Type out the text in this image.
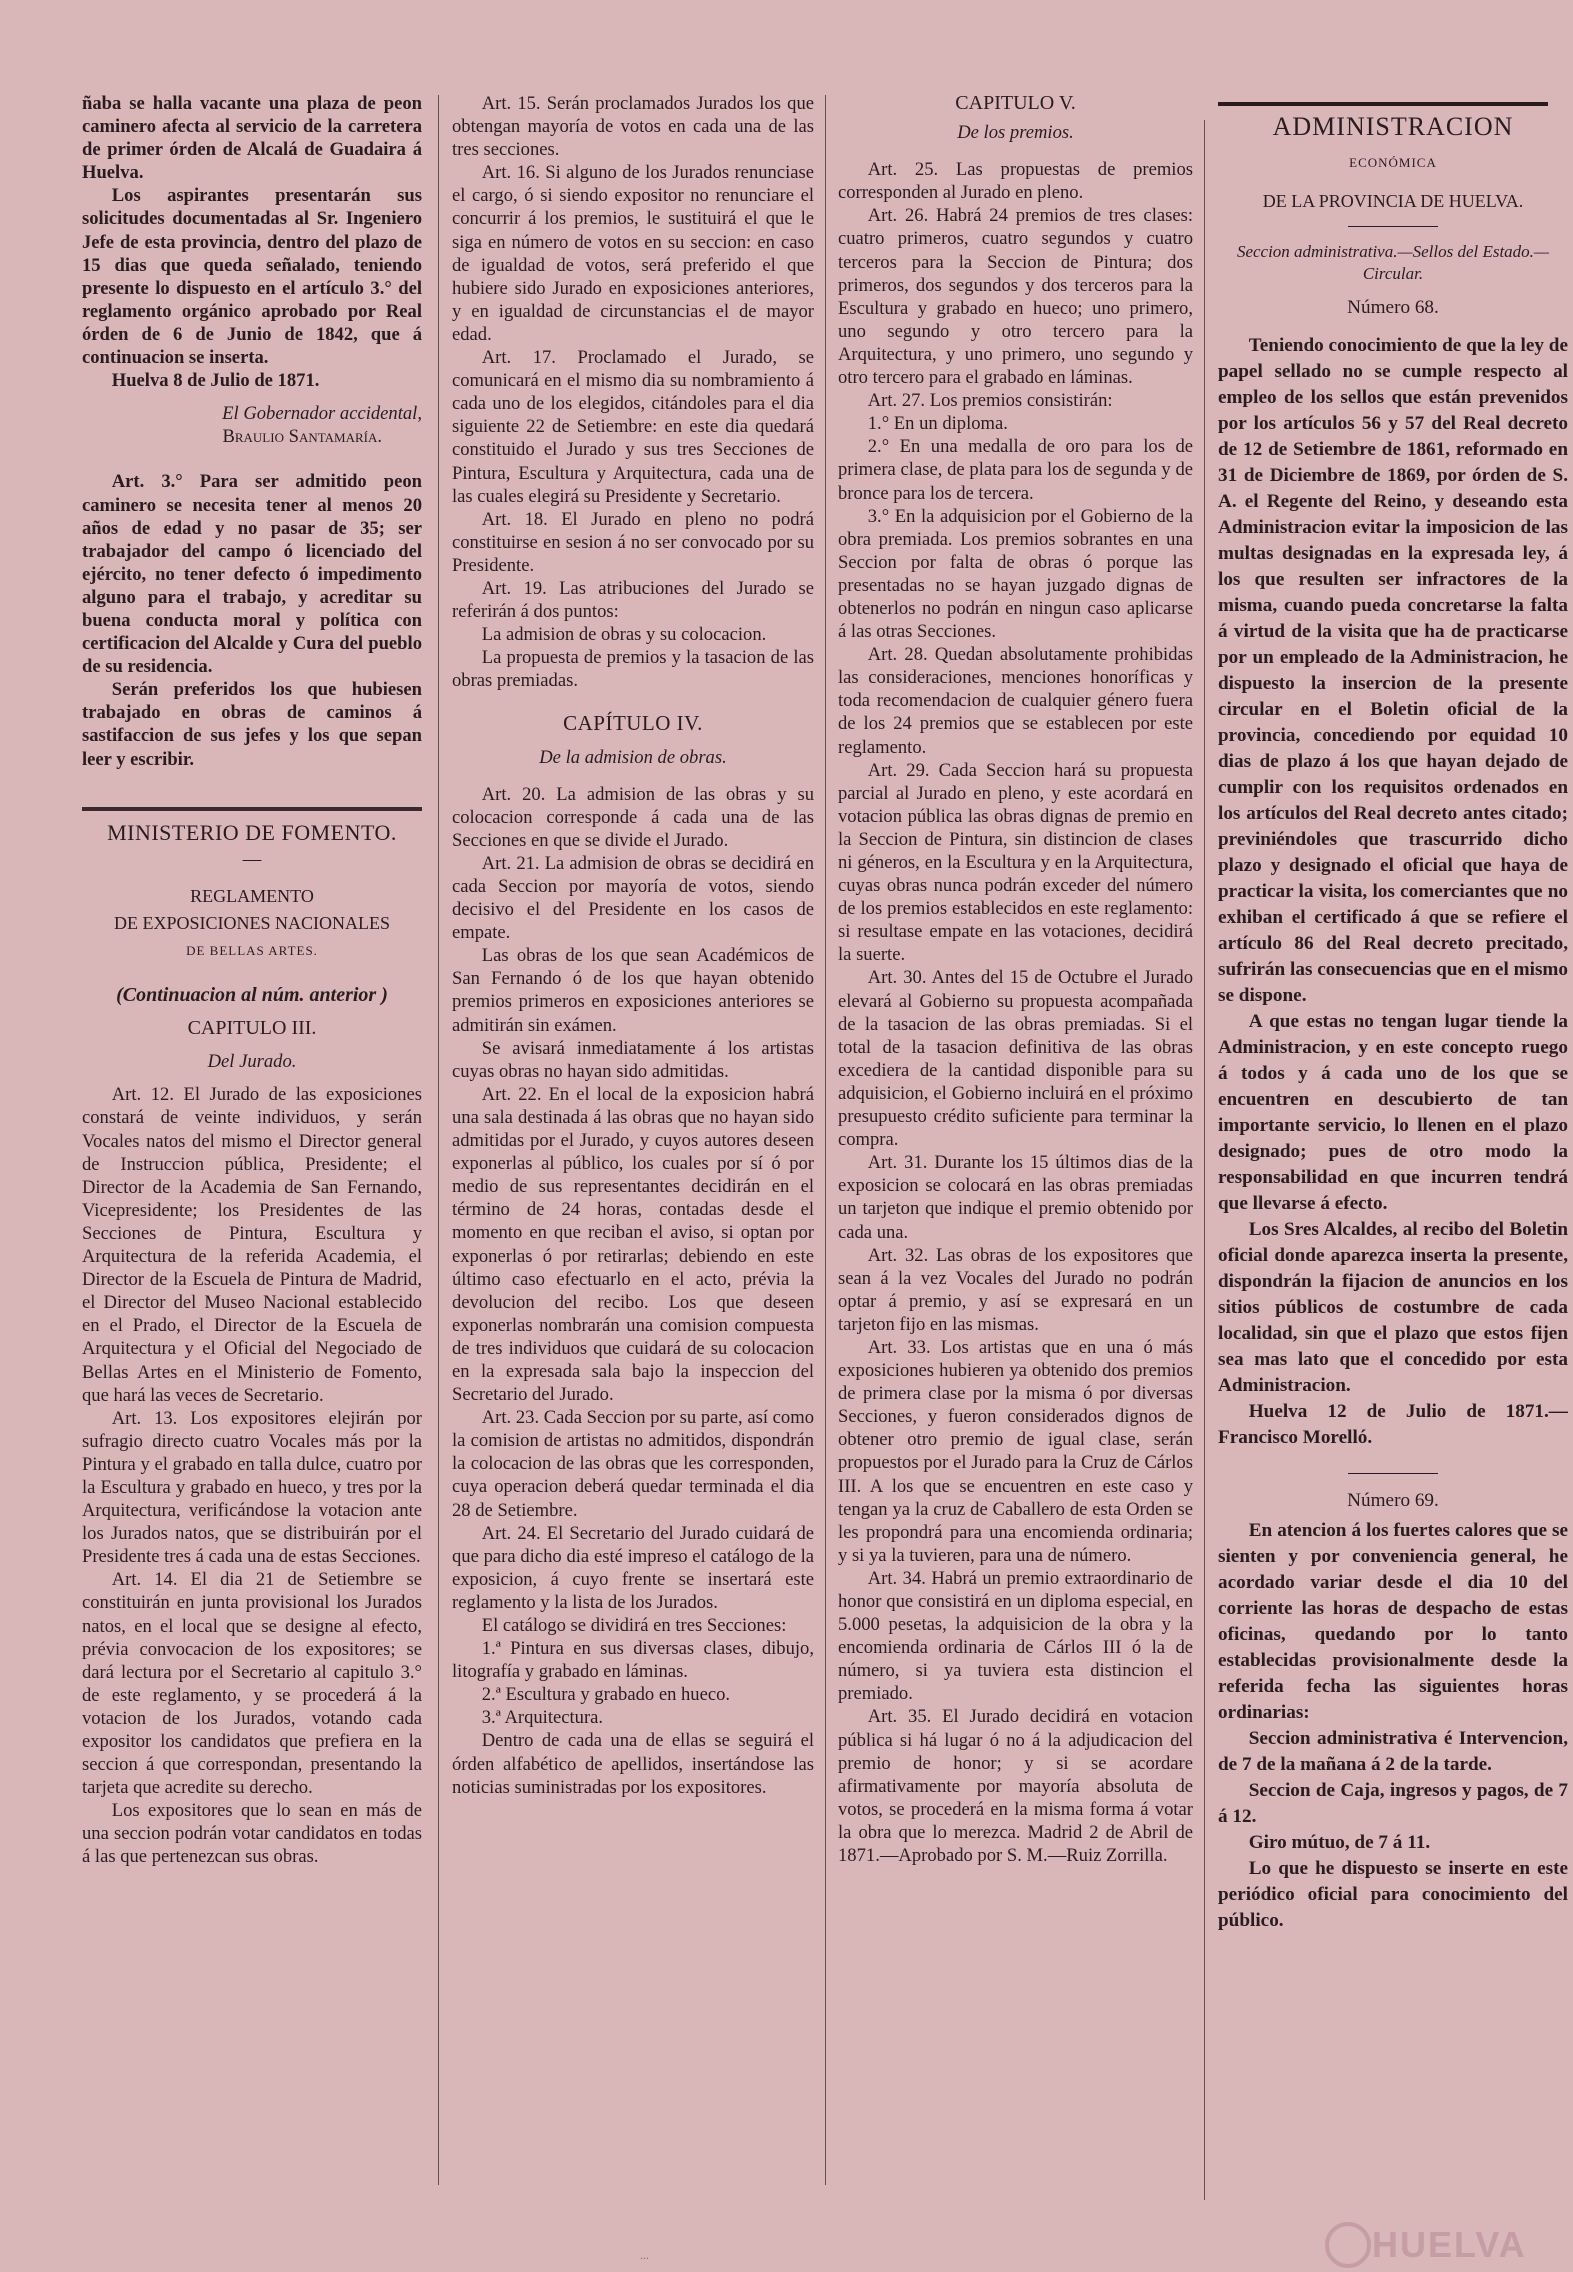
ñaba se halla vacante una plaza de peon caminero afecta al servicio de la carretera de primer órden de Alcalá de Guadaira á Huelva.

Los aspirantes presentarán sus solicitudes documentadas al Sr. Ingeniero Jefe de esta provincia, dentro del plazo de 15 dias que queda señalado, teniendo presente lo dispuesto en el artículo 3.° del reglamento orgánico aprobado por Real órden de 6 de Junio de 1842, que á continuacion se inserta.

Huelva 8 de Julio de 1871.

El Gobernador accidental,

Braulio Santamaría.

Art. 3.° Para ser admitido peon caminero se necesita tener al menos 20 años de edad y no pasar de 35; ser trabajador del campo ó licenciado del ejército, no tener defecto ó impedimento alguno para el trabajo, y acreditar su buena conducta moral y política con certificacion del Alcalde y Cura del pueblo de su residencia.

Serán preferidos los que hubiesen trabajado en obras de caminos á sastifaccion de sus jefes y los que sepan leer y escribir.

MINISTERIO DE FOMENTO.

—

REGLAMENTO

DE EXPOSICIONES NACIONALES

DE BELLAS ARTES.

(Continuacion al núm. anterior )

CAPITULO III.

Del Jurado.

Art. 12. El Jurado de las exposiciones constará de veinte individuos, y serán Vocales natos del mismo el Director general de Instruccion pública, Presidente; el Director de la Academia de San Fernando, Vicepresidente; los Presidentes de las Secciones de Pintura, Escultura y Arquitectura de la referida Academia, el Director de la Escuela de Pintura de Madrid, el Director del Museo Nacional establecido en el Prado, el Director de la Escuela de Arquitectura y el Oficial del Negociado de Bellas Artes en el Ministerio de Fomento, que hará las veces de Secretario.

Art. 13. Los expositores elejirán por sufragio directo cuatro Vocales más por la Pintura y el grabado en talla dulce, cuatro por la Escultura y grabado en hueco, y tres por la Arquitectura, verificándose la votacion ante los Jurados natos, que se distribuirán por el Presidente tres á cada una de estas Secciones.

Art. 14. El dia 21 de Setiembre se constituirán en junta provisional los Jurados natos, en el local que se designe al efecto, prévia convocacion de los expositores; se dará lectura por el Secretario al capitulo 3.° de este reglamento, y se procederá á la votacion de los Jurados, votando cada expositor los candidatos que prefiera en la seccion á que correspondan, presentando la tarjeta que acredite su derecho.

Los expositores que lo sean en más de una seccion podrán votar candidatos en todas á las que pertenezcan sus obras.

Art. 15. Serán proclamados Jurados los que obtengan mayoría de votos en cada una de las tres secciones.

Art. 16. Si alguno de los Jurados renunciase el cargo, ó si siendo expositor no renunciare el concurrir á los premios, le sustituirá el que le siga en número de votos en su seccion: en caso de igualdad de votos, será preferido el que hubiere sido Jurado en exposiciones anteriores, y en igualdad de circunstancias el de mayor edad.

Art. 17. Proclamado el Jurado, se comunicará en el mismo dia su nombramiento á cada uno de los elegidos, citándoles para el dia siguiente 22 de Setiembre: en este dia quedará constituido el Jurado y sus tres Secciones de Pintura, Escultura y Arquitectura, cada una de las cuales elegirá su Presidente y Secretario.

Art. 18. El Jurado en pleno no podrá constituirse en sesion á no ser convocado por su Presidente.

Art. 19. Las atribuciones del Jurado se referirán á dos puntos:

La admision de obras y su colocacion.

La propuesta de premios y la tasacion de las obras premiadas.

CAPÍTULO IV.

De la admision de obras.

Art. 20. La admision de las obras y su colocacion corresponde á cada una de las Secciones en que se divide el Jurado.

Art. 21. La admision de obras se decidirá en cada Seccion por mayoría de votos, siendo decisivo el del Presidente en los casos de empate.

Las obras de los que sean Académicos de San Fernando ó de los que hayan obtenido premios primeros en exposiciones anteriores se admitirán sin exámen.

Se avisará inmediatamente á los artistas cuyas obras no hayan sido admitidas.

Art. 22. En el local de la exposicion habrá una sala destinada á las obras que no hayan sido admitidas por el Jurado, y cuyos autores deseen exponerlas al público, los cuales por sí ó por medio de sus representantes decidirán en el término de 24 horas, contadas desde el momento en que reciban el aviso, si optan por exponerlas ó por retirarlas; debiendo en este último caso efectuarlo en el acto, prévia la devolucion del recibo. Los que deseen exponerlas nombrarán una comision compuesta de tres individuos que cuidará de su colocacion en la expresada sala bajo la inspeccion del Secretario del Jurado.

Art. 23. Cada Seccion por su parte, así como la comision de artistas no admitidos, dispondrán la colocacion de las obras que les corresponden, cuya operacion deberá quedar terminada el dia 28 de Setiembre.

Art. 24. El Secretario del Jurado cuidará de que para dicho dia esté impreso el catálogo de la exposicion, á cuyo frente se insertará este reglamento y la lista de los Jurados.

El catálogo se dividirá en tres Secciones:

1.ª Pintura en sus diversas clases, dibujo, litografía y grabado en láminas.

2.ª Escultura y grabado en hueco.

3.ª Arquitectura.

Dentro de cada una de ellas se seguirá el órden alfabético de apellidos, insertándose las noticias suministradas por los expositores.

CAPITULO V.

De los premios.

Art. 25. Las propuestas de premios corresponden al Jurado en pleno.

Art. 26. Habrá 24 premios de tres clases: cuatro primeros, cuatro segundos y cuatro terceros para la Seccion de Pintura; dos primeros, dos segundos y dos terceros para la Escultura y grabado en hueco; uno primero, uno segundo y otro tercero para la Arquitectura, y uno primero, uno segundo y otro tercero para el grabado en láminas.

Art. 27. Los premios consistirán:

1.° En un diploma.

2.° En una medalla de oro para los de primera clase, de plata para los de segunda y de bronce para los de tercera.

3.° En la adquisicion por el Gobierno de la obra premiada. Los premios sobrantes en una Seccion por falta de obras ó porque las presentadas no se hayan juzgado dignas de obtenerlos no podrán en ningun caso aplicarse á las otras Secciones.

Art. 28. Quedan absolutamente prohibidas las consideraciones, menciones honoríficas y toda recomendacion de cualquier género fuera de los 24 premios que se establecen por este reglamento.

Art. 29. Cada Seccion hará su propuesta parcial al Jurado en pleno, y este acordará en votacion pública las obras dignas de premio en la Seccion de Pintura, sin distincion de clases ni géneros, en la Escultura y en la Arquitectura, cuyas obras nunca podrán exceder del número de los premios establecidos en este reglamento: si resultase empate en las votaciones, decidirá la suerte.

Art. 30. Antes del 15 de Octubre el Jurado elevará al Gobierno su propuesta acompañada de la tasacion de las obras premiadas. Si el total de la tasacion definitiva de las obras excediera de la cantidad disponible para su adquisicion, el Gobierno incluirá en el próximo presupuesto crédito suficiente para terminar la compra.

Art. 31. Durante los 15 últimos dias de la exposicion se colocará en las obras premiadas un tarjeton que indique el premio obtenido por cada una.

Art. 32. Las obras de los expositores que sean á la vez Vocales del Jurado no podrán optar á premio, y así se expresará en un tarjeton fijo en las mismas.

Art. 33. Los artistas que en una ó más exposiciones hubieren ya obtenido dos premios de primera clase por la misma ó por diversas Secciones, y fueron considerados dignos de obtener otro premio de igual clase, serán propuestos por el Jurado para la Cruz de Cárlos III. A los que se encuentren en este caso y tengan ya la cruz de Caballero de esta Orden se les propondrá para una encomienda ordinaria; y si ya la tuvieren, para una de número.

Art. 34. Habrá un premio extraordinario de honor que consistirá en un diploma especial, en 5.000 pesetas, la adquisicion de la obra y la encomienda ordinaria de Cárlos III ó la de número, si ya tuviera esta distincion el premiado.

Art. 35. El Jurado decidirá en votacion pública si há lugar ó no á la adjudicacion del premio de honor; y si se acordare afirmativamente por mayoría absoluta de votos, se procederá en la misma forma á votar la obra que lo merezca. Madrid 2 de Abril de 1871.—Aprobado por S. M.—Ruiz Zorrilla.

ADMINISTRACION

ECONÓMICA

DE LA PROVINCIA DE HUELVA.

Seccion administrativa.—Sellos del Estado.—Circular.

Número 68.

Teniendo conocimiento de que la ley de papel sellado no se cumple respecto al empleo de los sellos que están prevenidos por los artículos 56 y 57 del Real decreto de 12 de Setiembre de 1861, reformado en 31 de Diciembre de 1869, por órden de S. A. el Regente del Reino, y deseando esta Administracion evitar la imposicion de las multas designadas en la expresada ley, á los que resulten ser infractores de la misma, cuando pueda concretarse la falta á virtud de la visita que ha de practicarse por un empleado de la Administracion, he dispuesto la insercion de la presente circular en el Boletin oficial de la provincia, concediendo por equidad 10 dias de plazo á los que hayan dejado de cumplir con los requisitos ordenados en los artículos del Real decreto antes citado; previniéndoles que trascurrido dicho plazo y designado el oficial que haya de practicar la visita, los comerciantes que no exhiban el certificado á que se refiere el artículo 86 del Real decreto precitado, sufrirán las consecuencias que en el mismo se dispone.

A que estas no tengan lugar tiende la Administracion, y en este concepto ruego á todos y á cada uno de los que se encuentren en descubierto de tan importante servicio, lo llenen en el plazo designado; pues de otro modo la responsabilidad en que incurren tendrá que llevarse á efecto.

Los Sres Alcaldes, al recibo del Boletin oficial donde aparezca inserta la presente, dispondrán la fijacion de anuncios en los sitios públicos de costumbre de cada localidad, sin que el plazo que estos fijen sea mas lato que el concedido por esta Administracion.

Huelva 12 de Julio de 1871.—Francisco Morelló.

Número 69.

En atencion á los fuertes calores que se sienten y por conveniencia general, he acordado variar desde el dia 10 del corriente las horas de despacho de estas oficinas, quedando por lo tanto establecidas provisionalmente desde la referida fecha las siguientes horas ordinarias:

Seccion administrativa é Intervencion, de 7 de la mañana á 2 de la tarde.

Seccion de Caja, ingresos y pagos, de 7 á 12.

Giro mútuo, de 7 á 11.

Lo que he dispuesto se inserte en este periódico oficial para conocimiento del público.

HUELVA
...
